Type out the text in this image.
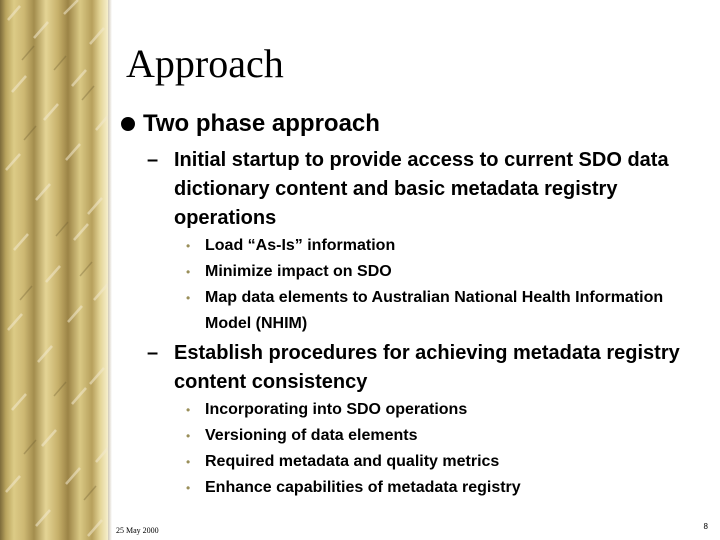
Approach
Two phase approach
– Initial startup to provide access to current SDO data dictionary content and basic metadata registry operations
• Load “As-Is” information
• Minimize impact on SDO
• Map data elements to Australian National Health Information Model (NHIM)
– Establish procedures for achieving metadata registry content consistency
• Incorporating into SDO operations
• Versioning of data elements
• Required metadata and quality metrics
• Enhance capabilities of metadata registry
25 May 2000	8
